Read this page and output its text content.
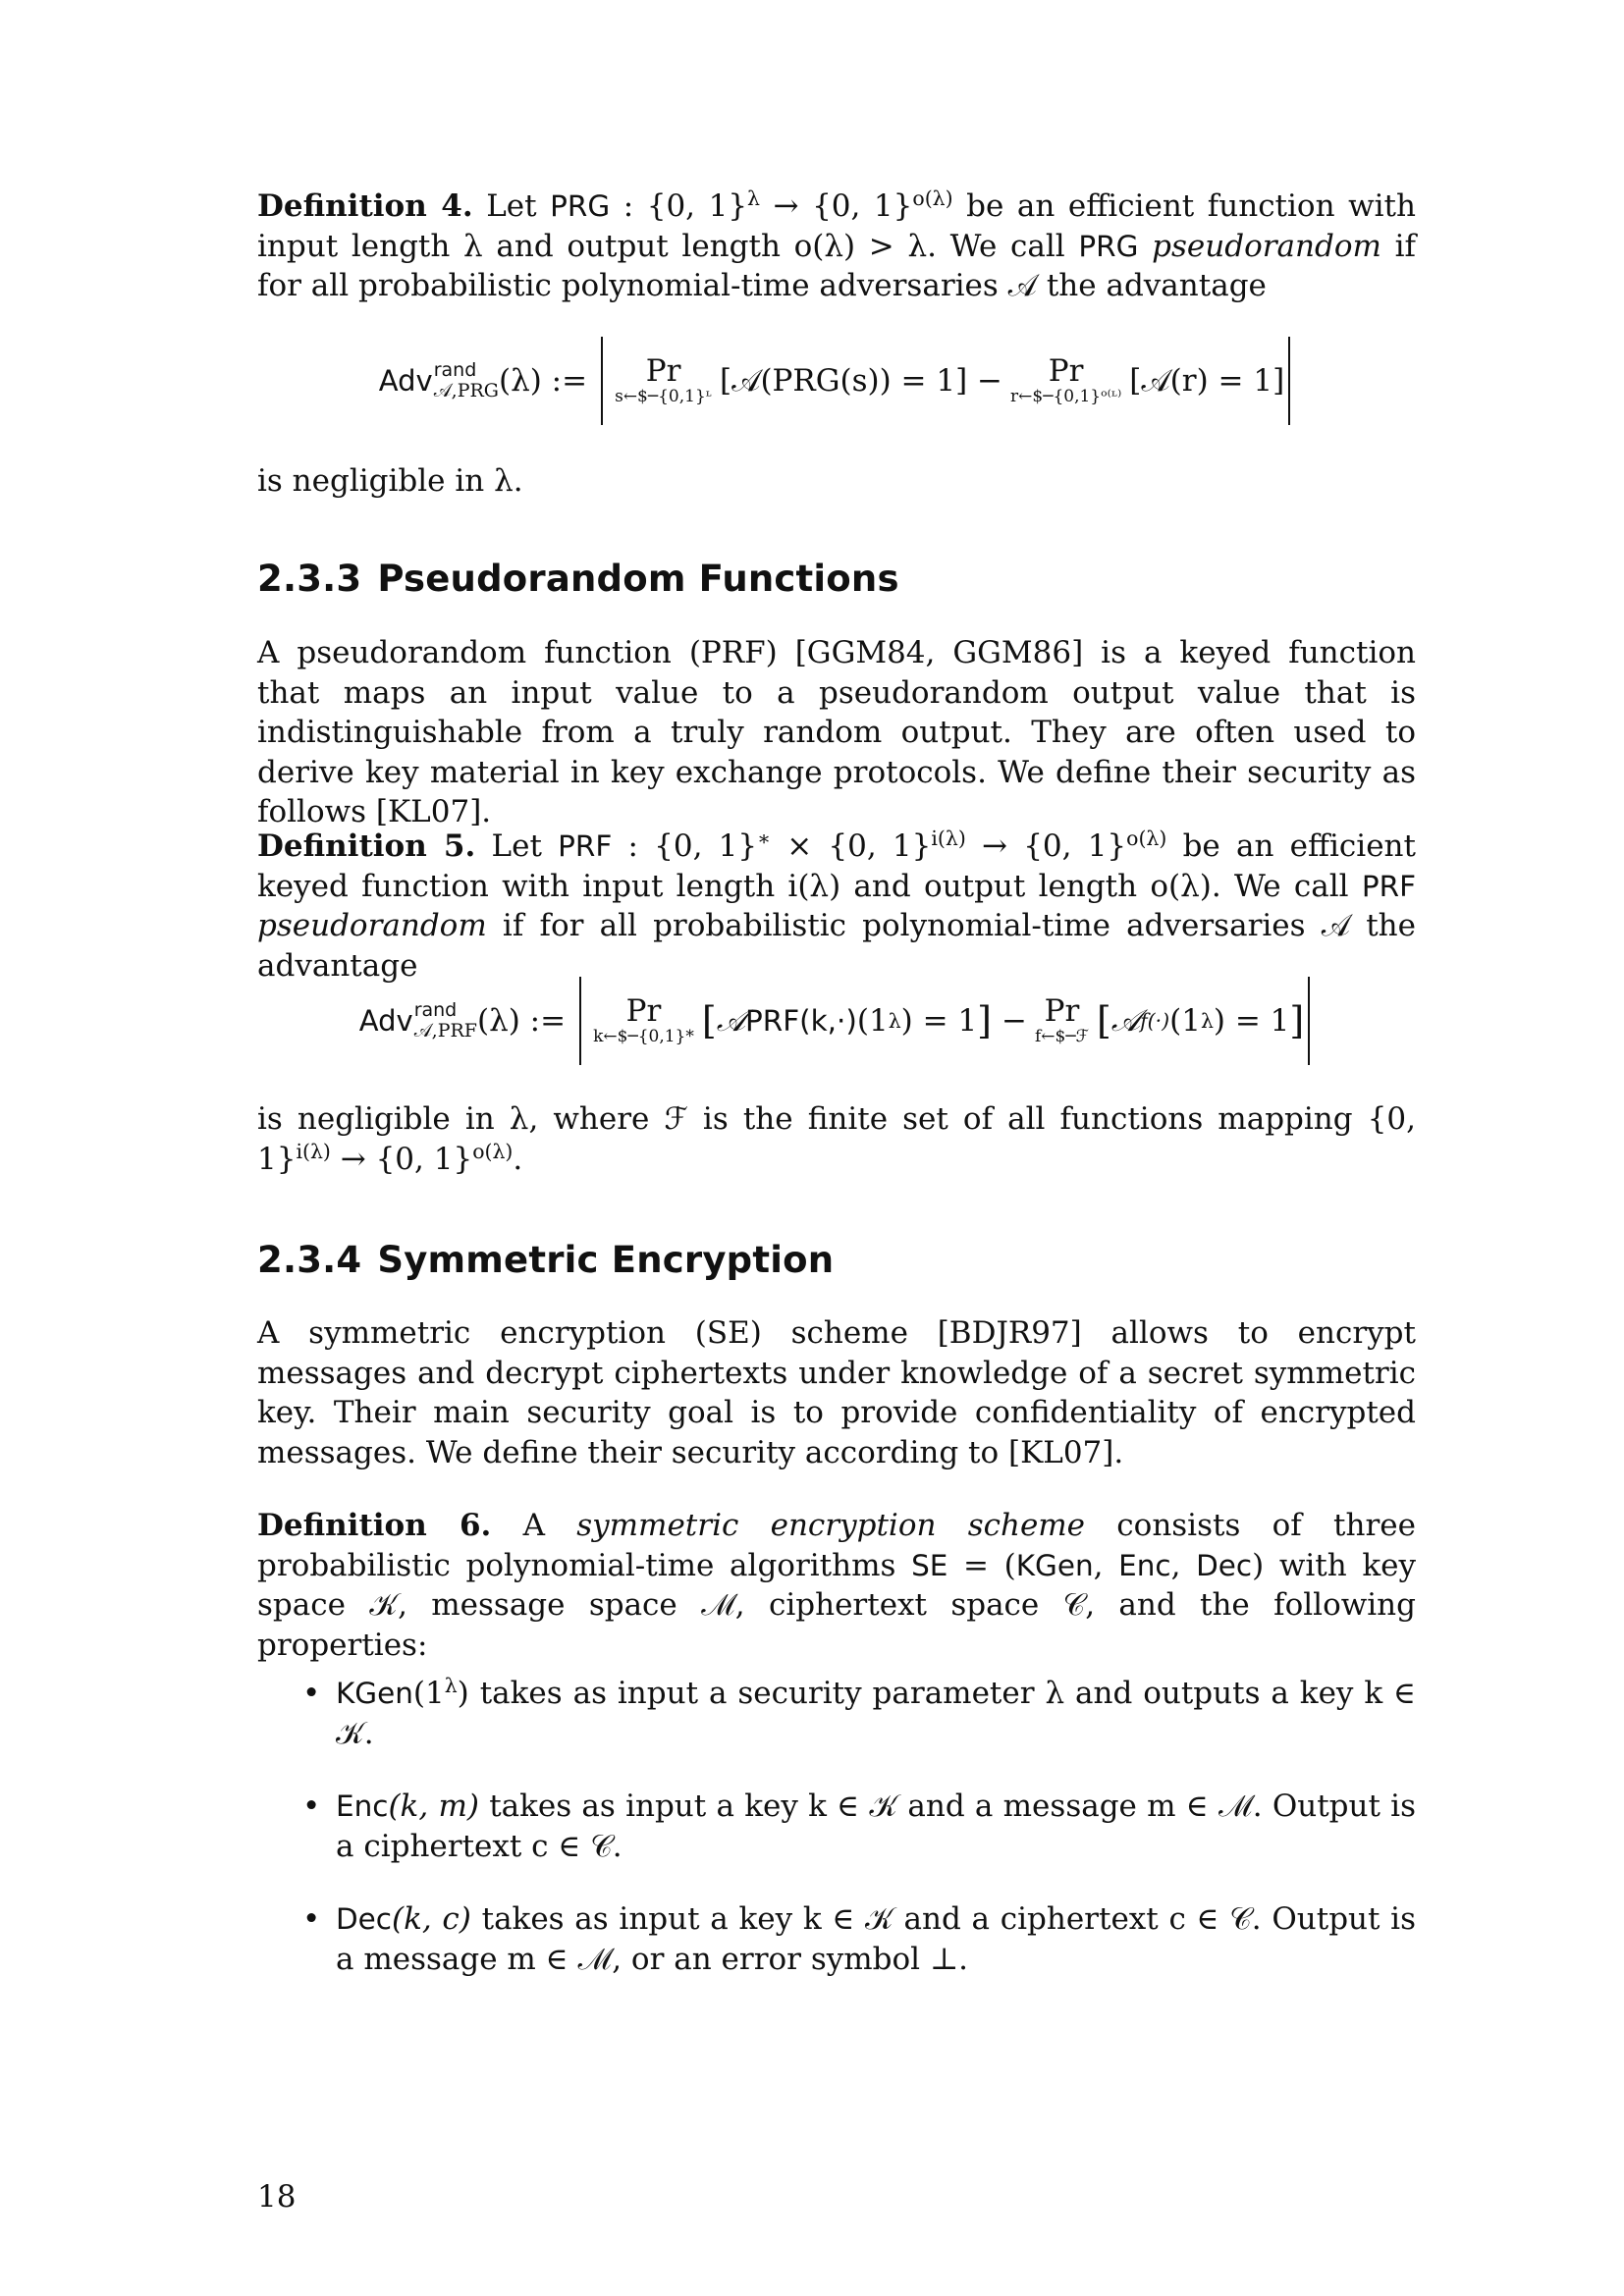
Definition 4. Let PRG : {0, 1}$^\lambda$ → {0, 1}$^{o(\lambda)}$ be an efficient function with input length λ and output length o(λ) > λ. We call PRG pseudorandom if for all probabilistic polynomial-time adversaries 𝒜 the advantage

Adv rand
𝒜,PRG (λ) := Pr
s←$─{0,1}ᶫ [𝒜(PRG(s)) = 1] − Pr
r←$─{0,1}ᵒ⁽ᶫ⁾ [𝒜(r) = 1]

is negligible in λ.

2.3.3 Pseudorandom Functions

A pseudorandom function (PRF) [GGM84, GGM86] is a keyed function that maps an input value to a pseudorandom output value that is indistinguishable from a truly random output. They are often used to derive key material in key exchange protocols. We define their security as follows [KL07].

Definition 5. Let PRF : {0, 1}∗ × {0, 1}$^{i(\lambda)}$ → {0, 1}$^{o(\lambda)}$ be an efficient keyed function with input length i(λ) and output length o(λ). We call PRF pseudorandom if for all probabilistic polynomial-time adversaries 𝒜 the advantage

Adv rand
𝒜,PRF (λ) := Pr
k←$─{0,1}* [ 𝒜 PRF(k,·) (1 λ ) = 1 ] − Pr
f←$─ℱ [ 𝒜 f(·) (1 λ ) = 1 ]

is negligible in λ, where ℱ is the finite set of all functions mapping {0, 1}$^{i(\lambda)}$ → {0, 1}$^{o(\lambda)}$.

2.3.4 Symmetric Encryption

A symmetric encryption (SE) scheme [BDJR97] allows to encrypt messages and decrypt ciphertexts under knowledge of a secret symmetric key. Their main security goal is to provide confidentiality of encrypted messages. We define their security according to [KL07].

Definition 6. A symmetric encryption scheme consists of three probabilistic polynomial-time algorithms SE = (KGen, Enc, Dec) with key space 𝒦, message space ℳ, ciphertext space 𝒞, and the following properties:

• $KGen(1^\lambda)$ takes as input a security parameter λ and outputs a key k ∈ 𝒦.
• Enc(k, m) takes as input a key k ∈ 𝒦 and a message m ∈ ℳ. Output is a ciphertext c ∈ 𝒞.
• Dec(k, c) takes as input a key k ∈ 𝒦 and a ciphertext c ∈ 𝒞. Output is a message m ∈ ℳ, or an error symbol ⊥.
18
